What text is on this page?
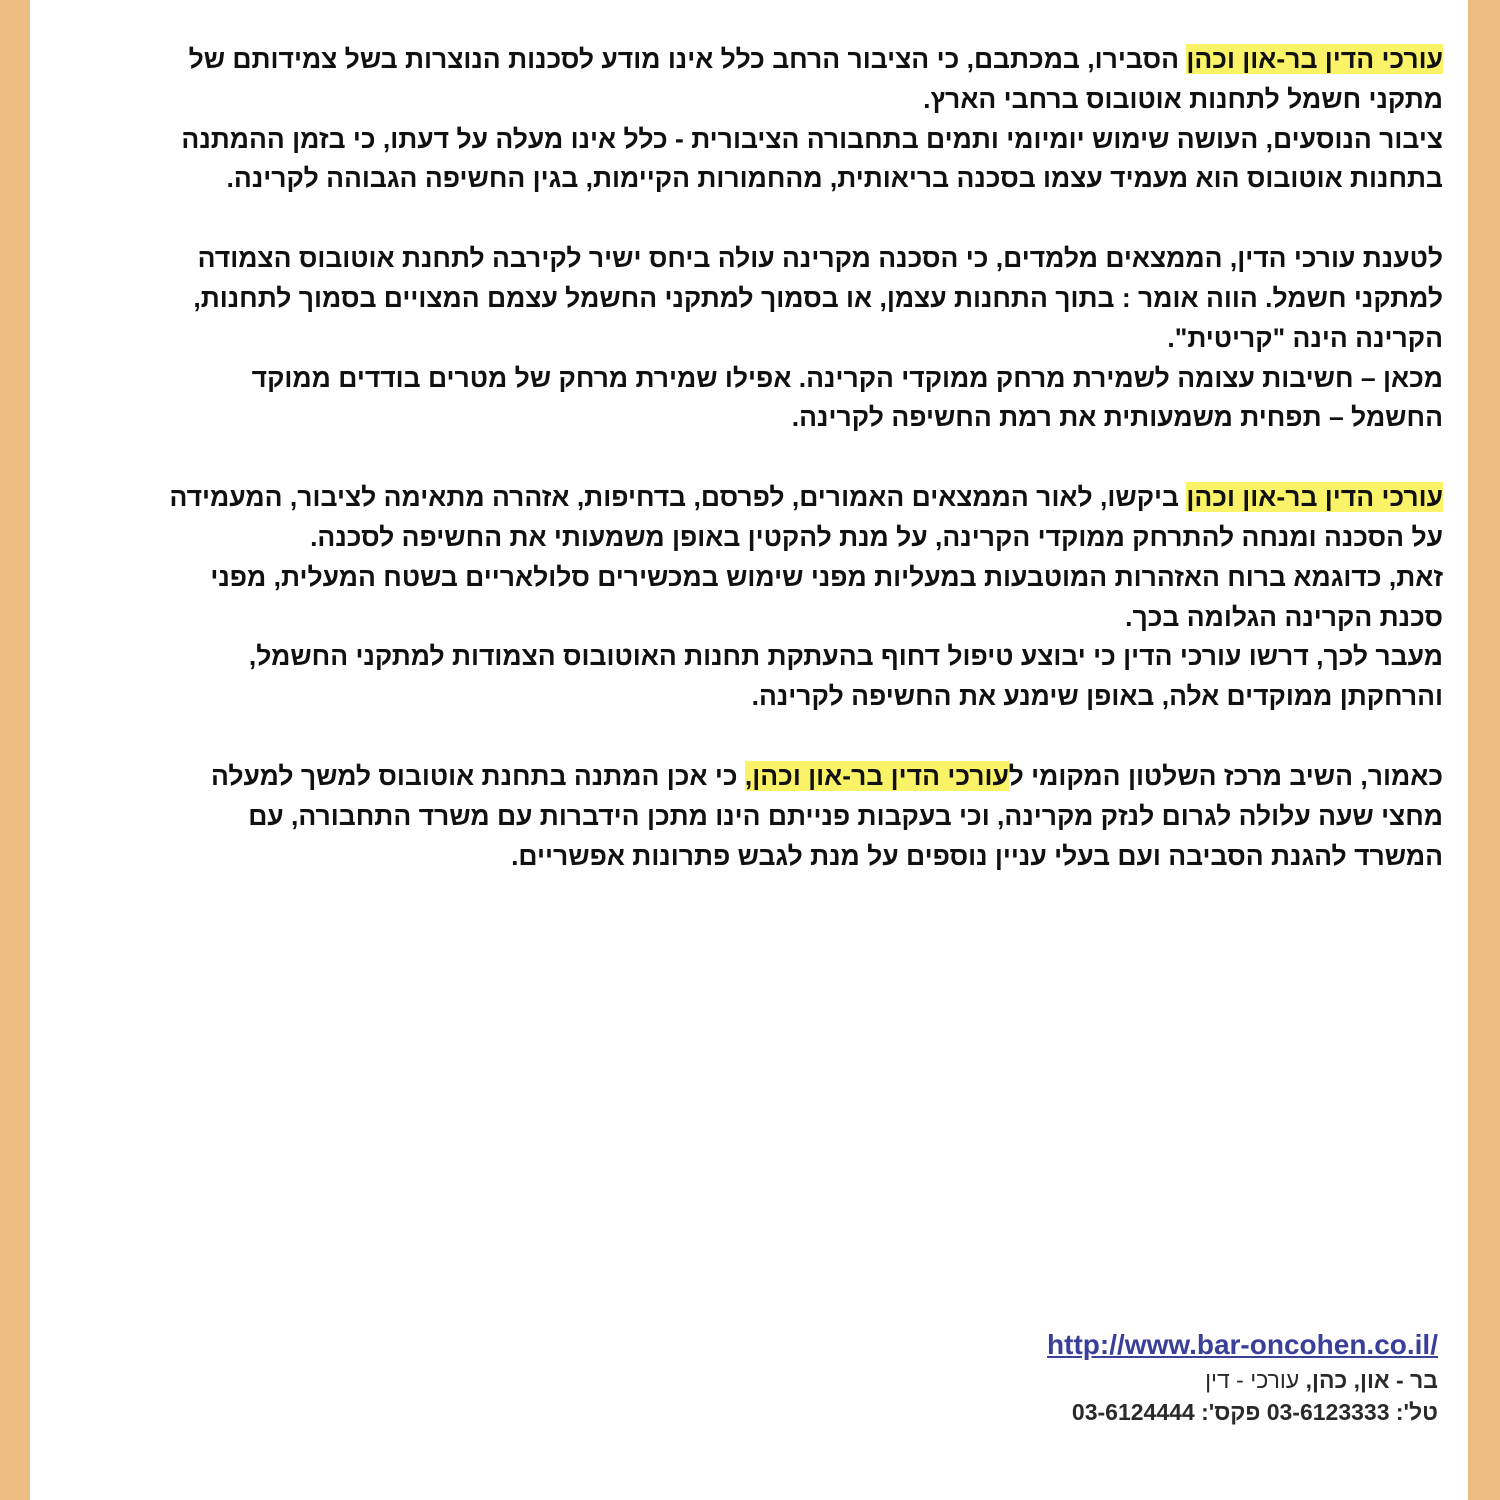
עורכי הדין בר-און וכהן הסבירו, במכתבם, כי הציבור הרחב כלל אינו מודע לסכנות הנוצרות בשל צמידותם של מתקני חשמל לתחנות אוטובוס ברחבי הארץ.

ציבור הנוסעים, העושה שימוש יומיומי ותמים בתחבורה הציבורית - כלל אינו מעלה על דעתו, כי בזמן ההמתנה בתחנות אוטובוס הוא מעמיד עצמו בסכנה בריאותית, מהחמורות הקיימות, בגין החשיפה הגבוהה לקרינה.

לטענת עורכי הדין, הממצאים מלמדים, כי הסכנה מקרינה עולה ביחס ישיר לקירבה לתחנת אוטובוס הצמודה למתקני חשמל. הווה אומר : בתוך התחנות עצמן, או בסמוך למתקני החשמל עצמם המצויים בסמוך לתחנות, הקרינה הינה "קריטית".

מכאן – חשיבות עצומה לשמירת מרחק ממוקדי הקרינה. אפילו שמירת מרחק של מטרים בודדים ממוקד החשמל – תפחית משמעותית את רמת החשיפה לקרינה.

עורכי הדין בר-און וכהן ביקשו, לאור הממצאים האמורים, לפרסם, בדחיפות, אזהרה מתאימה לציבור, המעמידה על הסכנה ומנחה להתרחק ממוקדי הקרינה, על מנת להקטין באופן משמעותי את החשיפה לסכנה.

זאת, כדוגמא ברוח האזהרות המוטבעות במעליות מפני שימוש במכשירים סלולאריים בשטח המעלית, מפני סכנת הקרינה הגלומה בכך.

מעבר לכך, דרשו עורכי הדין כי יבוצע טיפול דחוף בהעתקת תחנות האוטובוס הצמודות למתקני החשמל, והרחקתן ממוקדים אלה, באופן שימנע את החשיפה לקרינה.

כאמור, השיב מרכז השלטון המקומי לעורכי הדין בר-און וכהן, כי אכן המתנה בתחנת אוטובוס למשך למעלה מחצי שעה עלולה לגרום לנזק מקרינה, וכי בעקבות פנייתם הינו מתכן הידברות עם משרד התחבורה, עם המשרד להגנת הסביבה ועם בעלי עניין נוספים על מנת לגבש פתרונות אפשריים.

http://www.bar-oncohen.co.il/
בר - און, כהן, עורכי - דין
טל': 03-6123333 פקס': 03-6124444
